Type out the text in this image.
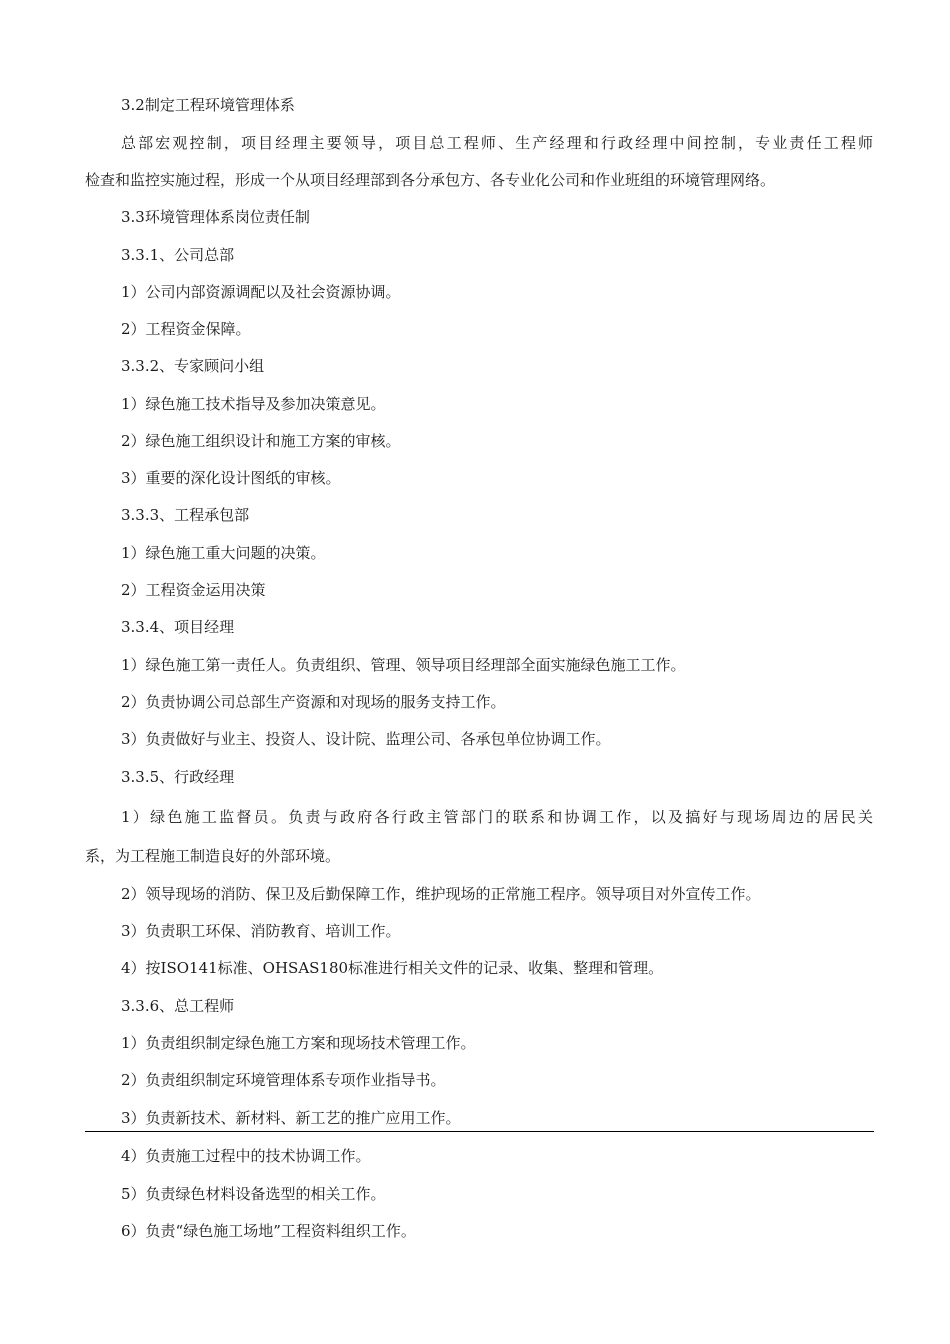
3.2制定工程环境管理体系

总部宏观控制，项目经理主要领导，项目总工程师、生产经理和行政经理中间控制，专业责任工程师

检查和监控实施过程，形成一个从项目经理部到各分承包方、各专业化公司和作业班组的环境管理网络。

3.3环境管理体系岗位责任制

3.3.1、公司总部

1）公司内部资源调配以及社会资源协调。

2）工程资金保障。

3.3.2、专家顾问小组

1）绿色施工技术指导及参加决策意见。

2）绿色施工组织设计和施工方案的审核。

3）重要的深化设计图纸的审核。

3.3.3、工程承包部

1）绿色施工重大问题的决策。

2）工程资金运用决策

3.3.4、项目经理

1）绿色施工第一责任人。负责组织、管理、领导项目经理部全面实施绿色施工工作。

2）负责协调公司总部生产资源和对现场的服务支持工作。

3）负责做好与业主、投资人、设计院、监理公司、各承包单位协调工作。

3.3.5、行政经理

1）绿色施工监督员。负责与政府各行政主管部门的联系和协调工作，以及搞好与现场周边的居民关

系，为工程施工制造良好的外部环境。

2）领导现场的消防、保卫及后勤保障工作，维护现场的正常施工程序。领导项目对外宣传工作。

3）负责职工环保、消防教育、培训工作。

4）按ISO141标准、OHSAS180标准进行相关文件的记录、收集、整理和管理。

3.3.6、总工程师

1）负责组织制定绿色施工方案和现场技术管理工作。

2）负责组织制定环境管理体系专项作业指导书。

3）负责新技术、新材料、新工艺的推广应用工作。

4）负责施工过程中的技术协调工作。

5）负责绿色材料设备选型的相关工作。

6）负责“绿色施工场地”工程资料组织工作。
